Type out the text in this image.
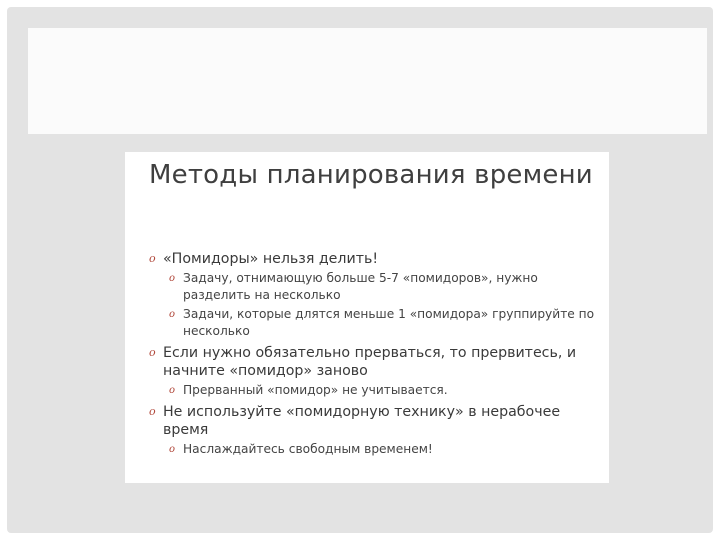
Методы планирования времени
o «Помидоры» нельзя делить!
o Задачу, отнимающую больше 5-7 «помидоров», нужно разделить на несколько
o Задачи, которые длятся меньше 1 «помидора» группируйте по несколько
o Если нужно обязательно прерваться, то прервитесь, и начните «помидор» заново
o Прерванный «помидор» не учитывается.
o Не используйте «помидорную технику» в нерабочее время
o Наслаждайтесь свободным временем!
